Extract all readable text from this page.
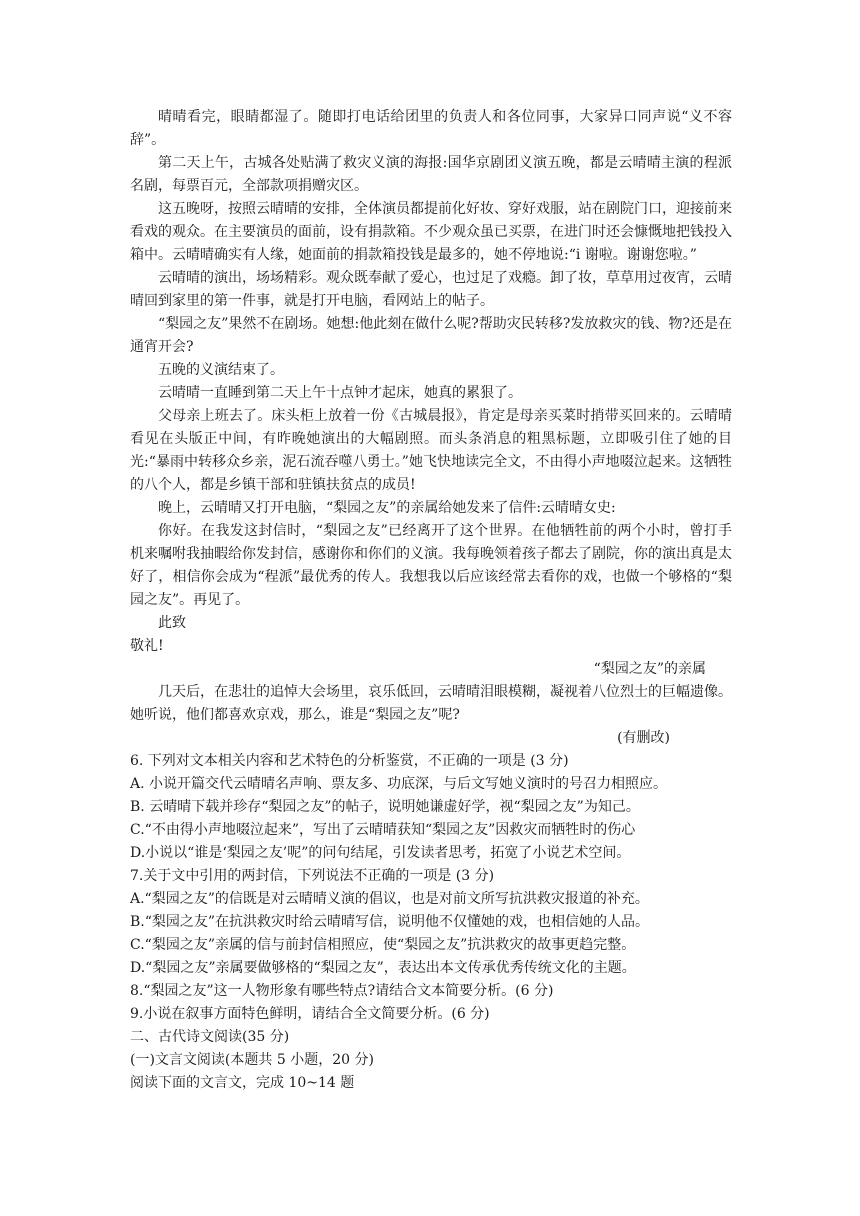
晴晴看完，眼睛都湿了。随即打电话给团里的负责人和各位同事，大家异口同声说“义不容辞”。

第二天上午，古城各处贴满了救灾义演的海报:国华京剧团义演五晚，都是云晴晴主演的程派名剧，每票百元，全部款项捐赠灾区。

这五晚呀，按照云晴晴的安排，全体演员都提前化好妆、穿好戏服，站在剧院门口，迎接前来看戏的观众。在主要演员的面前，设有捐款箱。不少观众虽已买票，在进门时还会慷慨地把钱投入箱中。云晴晴确实有人缘，她面前的捐款箱投钱是最多的，她不停地说:“i 谢啦。谢谢您啦。”

云晴晴的演出，场场精彩。观众既奉献了爱心，也过足了戏瘾。卸了妆，草草用过夜宵，云晴晴回到家里的第一件事，就是打开电脑，看网站上的帖子。

“梨园之友”果然不在剧场。她想:他此刻在做什么呢?帮助灾民转移?发放救灾的钱、物?还是在通宵开会?

五晚的义演结束了。

云晴晴一直睡到第二天上午十点钟才起床，她真的累狠了。

父母亲上班去了。床头柜上放着一份《古城晨报》，肯定是母亲买菜时捎带买回来的。云晴晴看见在头版正中间，有昨晚她演出的大幅剧照。而头条消息的粗黑标题，立即吸引住了她的目光:“暴雨中转移众乡亲，泥石流吞噬八勇士。”她飞快地读完全文，不由得小声地啜泣起来。这牺牲的八个人，都是乡镇干部和驻镇扶贫点的成员!

晚上，云晴晴又打开电脑，“梨园之友”的亲属给她发来了信件:云晴晴女史:

你好。在我发这封信时，“梨园之友”已经离开了这个世界。在他牺牲前的两个小时，曾打手机来嘱咐我抽暇给你发封信，感谢你和你们的义演。我每晚领着孩子都去了剧院，你的演出真是太好了，相信你会成为“程派”最优秀的传人。我想我以后应该经常去看你的戏，也做一个够格的“梨园之友”。再见了。

此致

敬礼!

“梨园之友”的亲属

几天后，在悲壮的追悼大会场里，哀乐低回，云晴晴泪眼模糊，凝视着八位烈士的巨幅遗像。她听说，他们都喜欢京戏，那么，谁是“梨园之友”呢?

(有删改)

6. 下列对文本相关内容和艺术特色的分析鉴赏，不正确的一项是 (3 分)

A. 小说开篇交代云晴晴名声响、票友多、功底深，与后文写她义演时的号召力相照应。

B. 云晴晴下载并珍存“梨园之友”的帖子，说明她谦虚好学，视“梨园之友”为知己。

C.“不由得小声地啜泣起来”，写出了云晴晴获知“梨园之友”因救灾而牺牲时的伤心

D.小说以“谁是‘梨园之友’呢”的问句结尾，引发读者思考，拓宽了小说艺术空间。

7.关于文中引用的两封信，下列说法不正确的一项是 (3 分)

A.“梨园之友”的信既是对云晴晴义演的倡议，也是对前文所写抗洪救灾报道的补充。

B.“梨园之友”在抗洪救灾时给云晴晴写信，说明他不仅懂她的戏，也相信她的人品。

C.“梨园之友”亲属的信与前封信相照应，使“梨园之友”抗洪救灾的故事更趋完整。

D.“梨园之友”亲属要做够格的“梨园之友”，表达出本文传承优秀传统文化的主题。

8.“梨园之友”这一人物形象有哪些特点?请结合文本简要分析。(6 分)

9.小说在叙事方面特色鲜明，请结合全文简要分析。(6 分)

二、古代诗文阅读(35 分)

(一)文言文阅读(本题共 5 小题，20 分)

阅读下面的文言文，完成 10~14 题
